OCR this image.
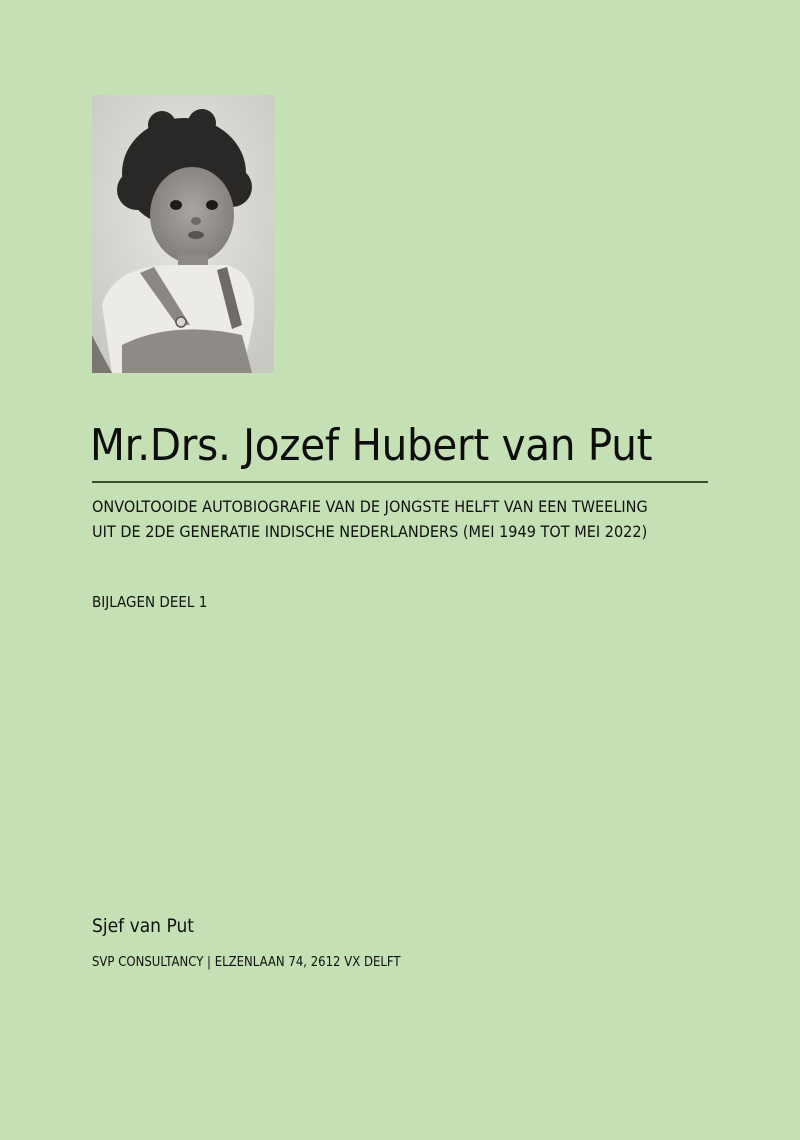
Mr.Drs. Jozef Hubert van Put
ONVOLTOOIDE AUTOBIOGRAFIE VAN DE JONGSTE HELFT VAN EEN TWEELING
UIT DE 2DE GENERATIE INDISCHE NEDERLANDERS (MEI 1949 TOT MEI 2022)
BIJLAGEN DEEL 1
Sjef van Put
SVP CONSULTANCY | ELZENLAAN 74, 2612 VX DELFT
